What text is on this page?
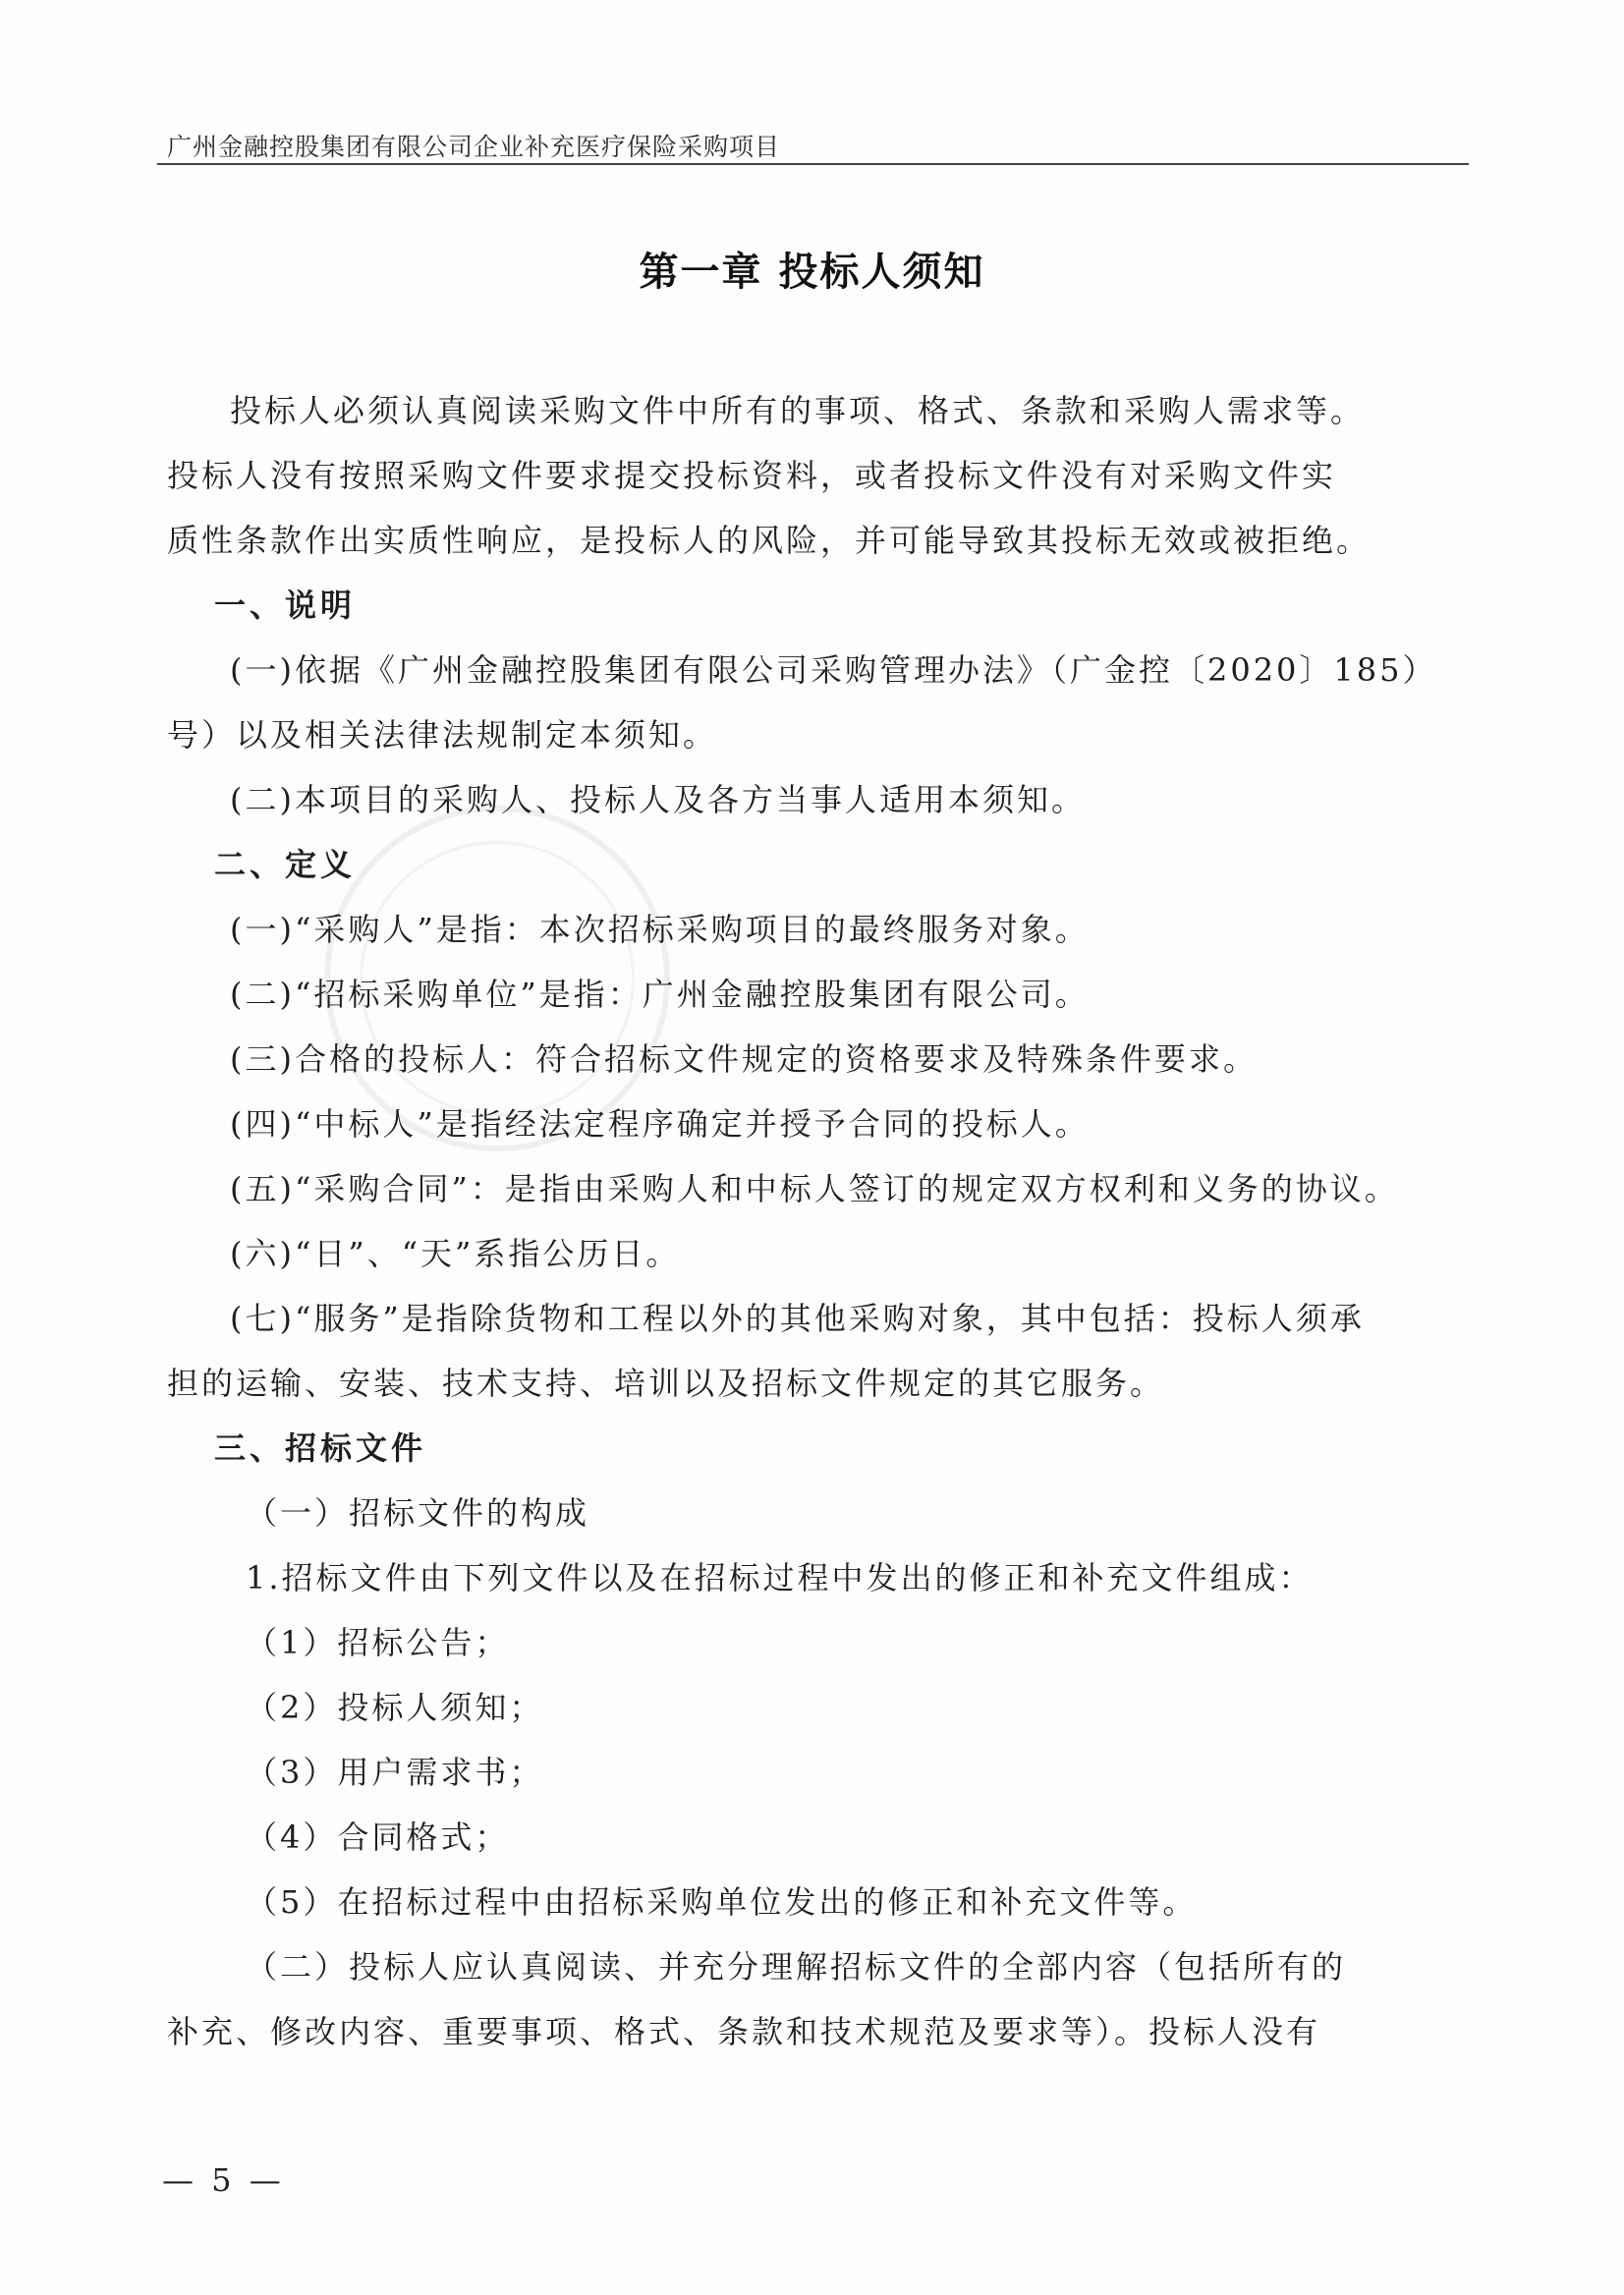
广州金融控股集团有限公司企业补充医疗保险采购项目
第一章 投标人须知
投标人必须认真阅读采购文件中所有的事项、格式、条款和采购人需求等。
投标人没有按照采购文件要求提交投标资料，或者投标文件没有对采购文件实
质性条款作出实质性响应，是投标人的风险，并可能导致其投标无效或被拒绝。
一、说明
(一)依据《广州金融控股集团有限公司采购管理办法》（广金控〔2020〕185）
号）以及相关法律法规制定本须知。
(二)本项目的采购人、投标人及各方当事人适用本须知。
二、定义
(一)“采购人”是指：本次招标采购项目的最终服务对象。
(二)“招标采购单位”是指：广州金融控股集团有限公司。
(三)合格的投标人：符合招标文件规定的资格要求及特殊条件要求。
(四)“中标人”是指经法定程序确定并授予合同的投标人。
(五)“采购合同”：是指由采购人和中标人签订的规定双方权利和义务的协议。
(六)“日”、“天”系指公历日。
(七)“服务”是指除货物和工程以外的其他采购对象，其中包括：投标人须承
担的运输、安装、技术支持、培训以及招标文件规定的其它服务。
三、招标文件
（一）招标文件的构成
1.招标文件由下列文件以及在招标过程中发出的修正和补充文件组成：
（1）招标公告；
（2）投标人须知；
（3）用户需求书；
（4）合同格式；
（5）在招标过程中由招标采购单位发出的修正和补充文件等。
（二）投标人应认真阅读、并充分理解招标文件的全部内容（包括所有的
补充、修改内容、重要事项、格式、条款和技术规范及要求等）。投标人没有
— 5 —
